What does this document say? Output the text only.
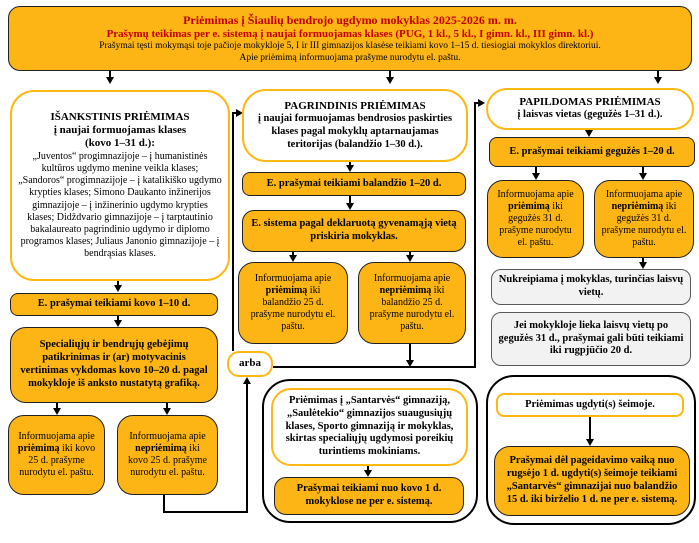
Priėmimas į Šiaulių bendrojo ugdymo mokyklas 2025-2026 m. m.
Prašymų teikimas per e. sistemą į naujai formuojamas klases (PUG, 1 kl., 5 kl., I gimn. kl., III gimn. kl.)
Prašymai tęsti mokymąsi toje pačioje mokykloje 5, I ir III gimnazijos klasėse teikiami kovo 1–15 d. tiesiogiai mokyklos direktoriui.
Apie priėmimą informuojama prašyme nurodytu el. paštu.
IŠANKSTINIS PRIĖMIMAS
į naujai formuojamas klases
(kovo 1–31 d.):
„Juventos“ progimnazijoje – į humanistinės kultūros ugdymo menine veikla klases; „Sandoros“ progimnazijoje – į katalikiško ugdymo krypties klases; Simono Daukanto inžinerijos gimnazijoje – į inžinerinio ugdymo krypties klases; Didždvario gimnazijoje – į tarptautinio bakalaureato pagrindinio ugdymo ir diplomo programos klases; Juliaus Janonio gimnazijoje – į bendrąsias klases.
E. prašymai teikiami kovo 1–10 d.
Specialiųjų ir bendrųjų gebėjimų patikrinimas ir (ar) motyvacinis vertinimas vykdomas kovo 10–20 d. pagal mokykloje iš anksto nustatytą grafiką.
Informuojama apie priėmimą iki kovo 25 d. prašyme nurodytu el. paštu.
Informuojama apie nepriėmimą iki kovo 25 d. prašyme nurodytu el. paštu.
arba
PAGRINDINIS PRIĖMIMAS
į naujai formuojamas bendrosios paskirties klases pagal mokyklų aptarnaujamas teritorijas (balandžio 1–30 d.).
E. prašymai teikiami balandžio 1–20 d.
E. sistema pagal deklaruotą gyvenamąją vietą priskiria mokyklas.
Informuojama apie priėmimą iki balandžio 25 d. prašyme nurodytu el. paštu.
Informuojama apie nepriėmimą iki balandžio 25 d. prašyme nurodytu el. paštu.
Priėmimas į „Santarvės“ gimnaziją, „Saulėtekio“ gimnazijos suaugusiųjų klases, Sporto gimnaziją ir mokyklas, skirtas specialiųjų ugdymosi poreikių turintiems mokiniams.
Prašymai teikiami nuo kovo 1 d. mokyklose ne per e. sistemą.
PAPILDOMAS PRIĖMIMAS
į laisvas vietas (gegužės 1–31 d.).
E. prašymai teikiami gegužės 1–20 d.
Informuojama apie priėmimą iki gegužės 31 d. prašyme nurodytu el. paštu.
Informuojama apie nepriėmimą iki gegužės 31 d. prašyme nurodytu el. paštu.
Nukreipiama į mokyklas, turinčias laisvų vietų.
Jei mokykloje lieka laisvų vietų po gegužės 31 d., prašymai gali būti teikiami iki rugpjūčio 20 d.
Priėmimas ugdyti(s) šeimoje.
Prašymai dėl pageidavimo vaiką nuo rugsėjo 1 d. ugdyti(s) šeimoje teikiami „Santarvės“ gimnazijai nuo balandžio 15 d. iki birželio 1 d. ne per e. sistemą.
